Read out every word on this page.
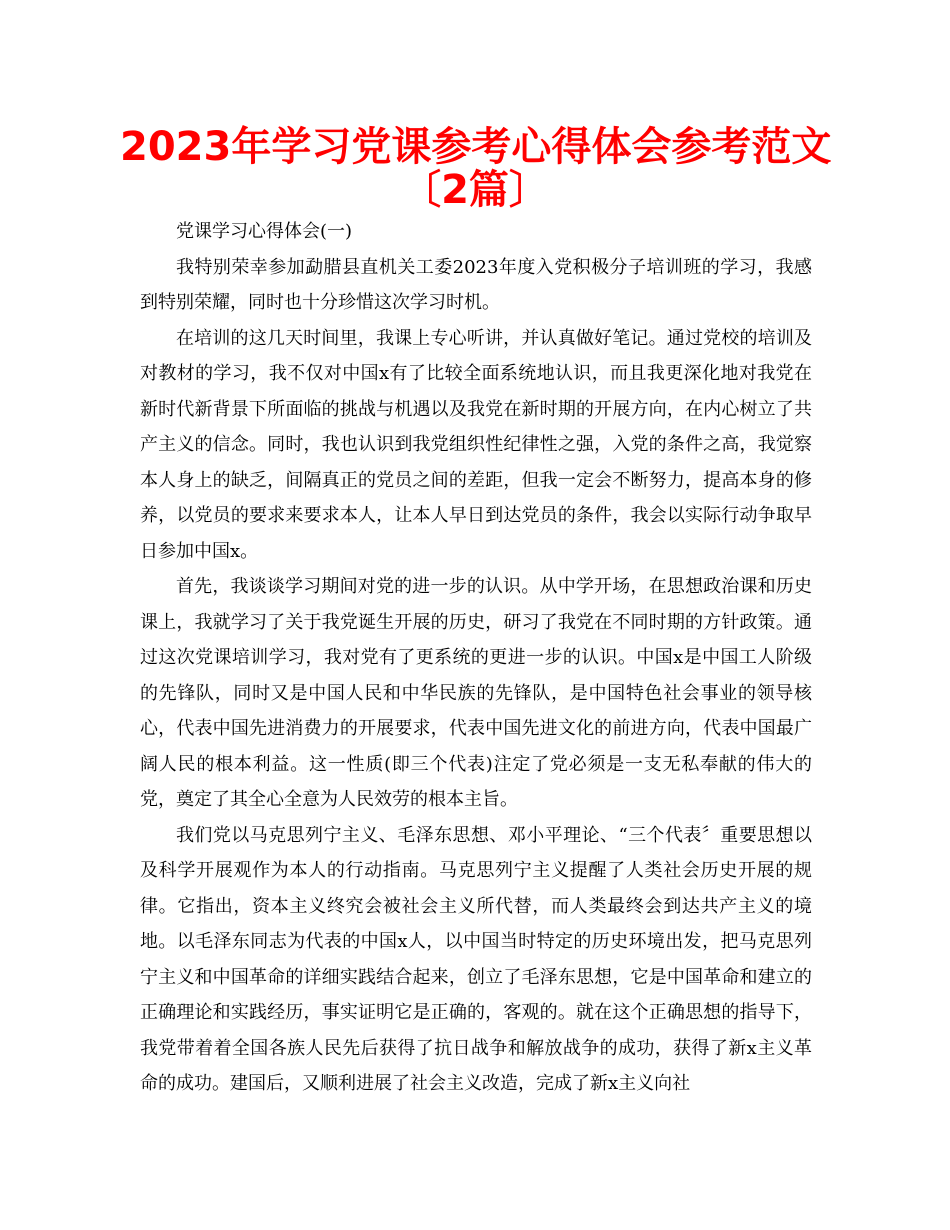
2023年学习党课参考心得体会参考范文
〔2篇〕

党课学习心得体会(一)

我特别荣幸参加勐腊县直机关工委2023年度入党积极分子培训班的学习，我感到特别荣耀，同时也十分珍惜这次学习时机。

在培训的这几天时间里，我课上专心听讲，并认真做好笔记。通过党校的培训及对教材的学习，我不仅对中国x有了比较全面系统地认识，而且我更深化地对我党在新时代新背景下所面临的挑战与机遇以及我党在新时期的开展方向，在内心树立了共产主义的信念。同时，我也认识到我党组织性纪律性之强，入党的条件之高，我觉察本人身上的缺乏，间隔真正的党员之间的差距，但我一定会不断努力，提高本身的修养，以党员的要求来要求本人，让本人早日到达党员的条件，我会以实际行动争取早日参加中国x。

首先，我谈谈学习期间对党的进一步的认识。从中学开场，在思想政治课和历史课上，我就学习了关于我党诞生开展的历史，研习了我党在不同时期的方针政策。通过这次党课培训学习，我对党有了更系统的更进一步的认识。中国x是中国工人阶级的先锋队，同时又是中国人民和中华民族的先锋队，是中国特色社会事业的领导核心，代表中国先进消费力的开展要求，代表中国先进文化的前进方向，代表中国最广阔人民的根本利益。这一性质(即三个代表)注定了党必须是一支无私奉献的伟大的党，奠定了其全心全意为人民效劳的根本主旨。

我们党以马克思列宁主义、毛泽东思想、邓小平理论、“三个代表〞重要思想以及科学开展观作为本人的行动指南。马克思列宁主义提醒了人类社会历史开展的规律。它指出，资本主义终究会被社会主义所代替，而人类最终会到达共产主义的境地。以毛泽东同志为代表的中国x人，以中国当时特定的历史环境出发，把马克思列宁主义和中国革命的详细实践结合起来，创立了毛泽东思想，它是中国革命和建立的正确理论和实践经历，事实证明它是正确的，客观的。就在这个正确思想的指导下，我党带着着全国各族人民先后获得了抗日战争和解放战争的成功，获得了新x主义革命的成功。建国后，又顺利进展了社会主义改造，完成了新x主义向社
